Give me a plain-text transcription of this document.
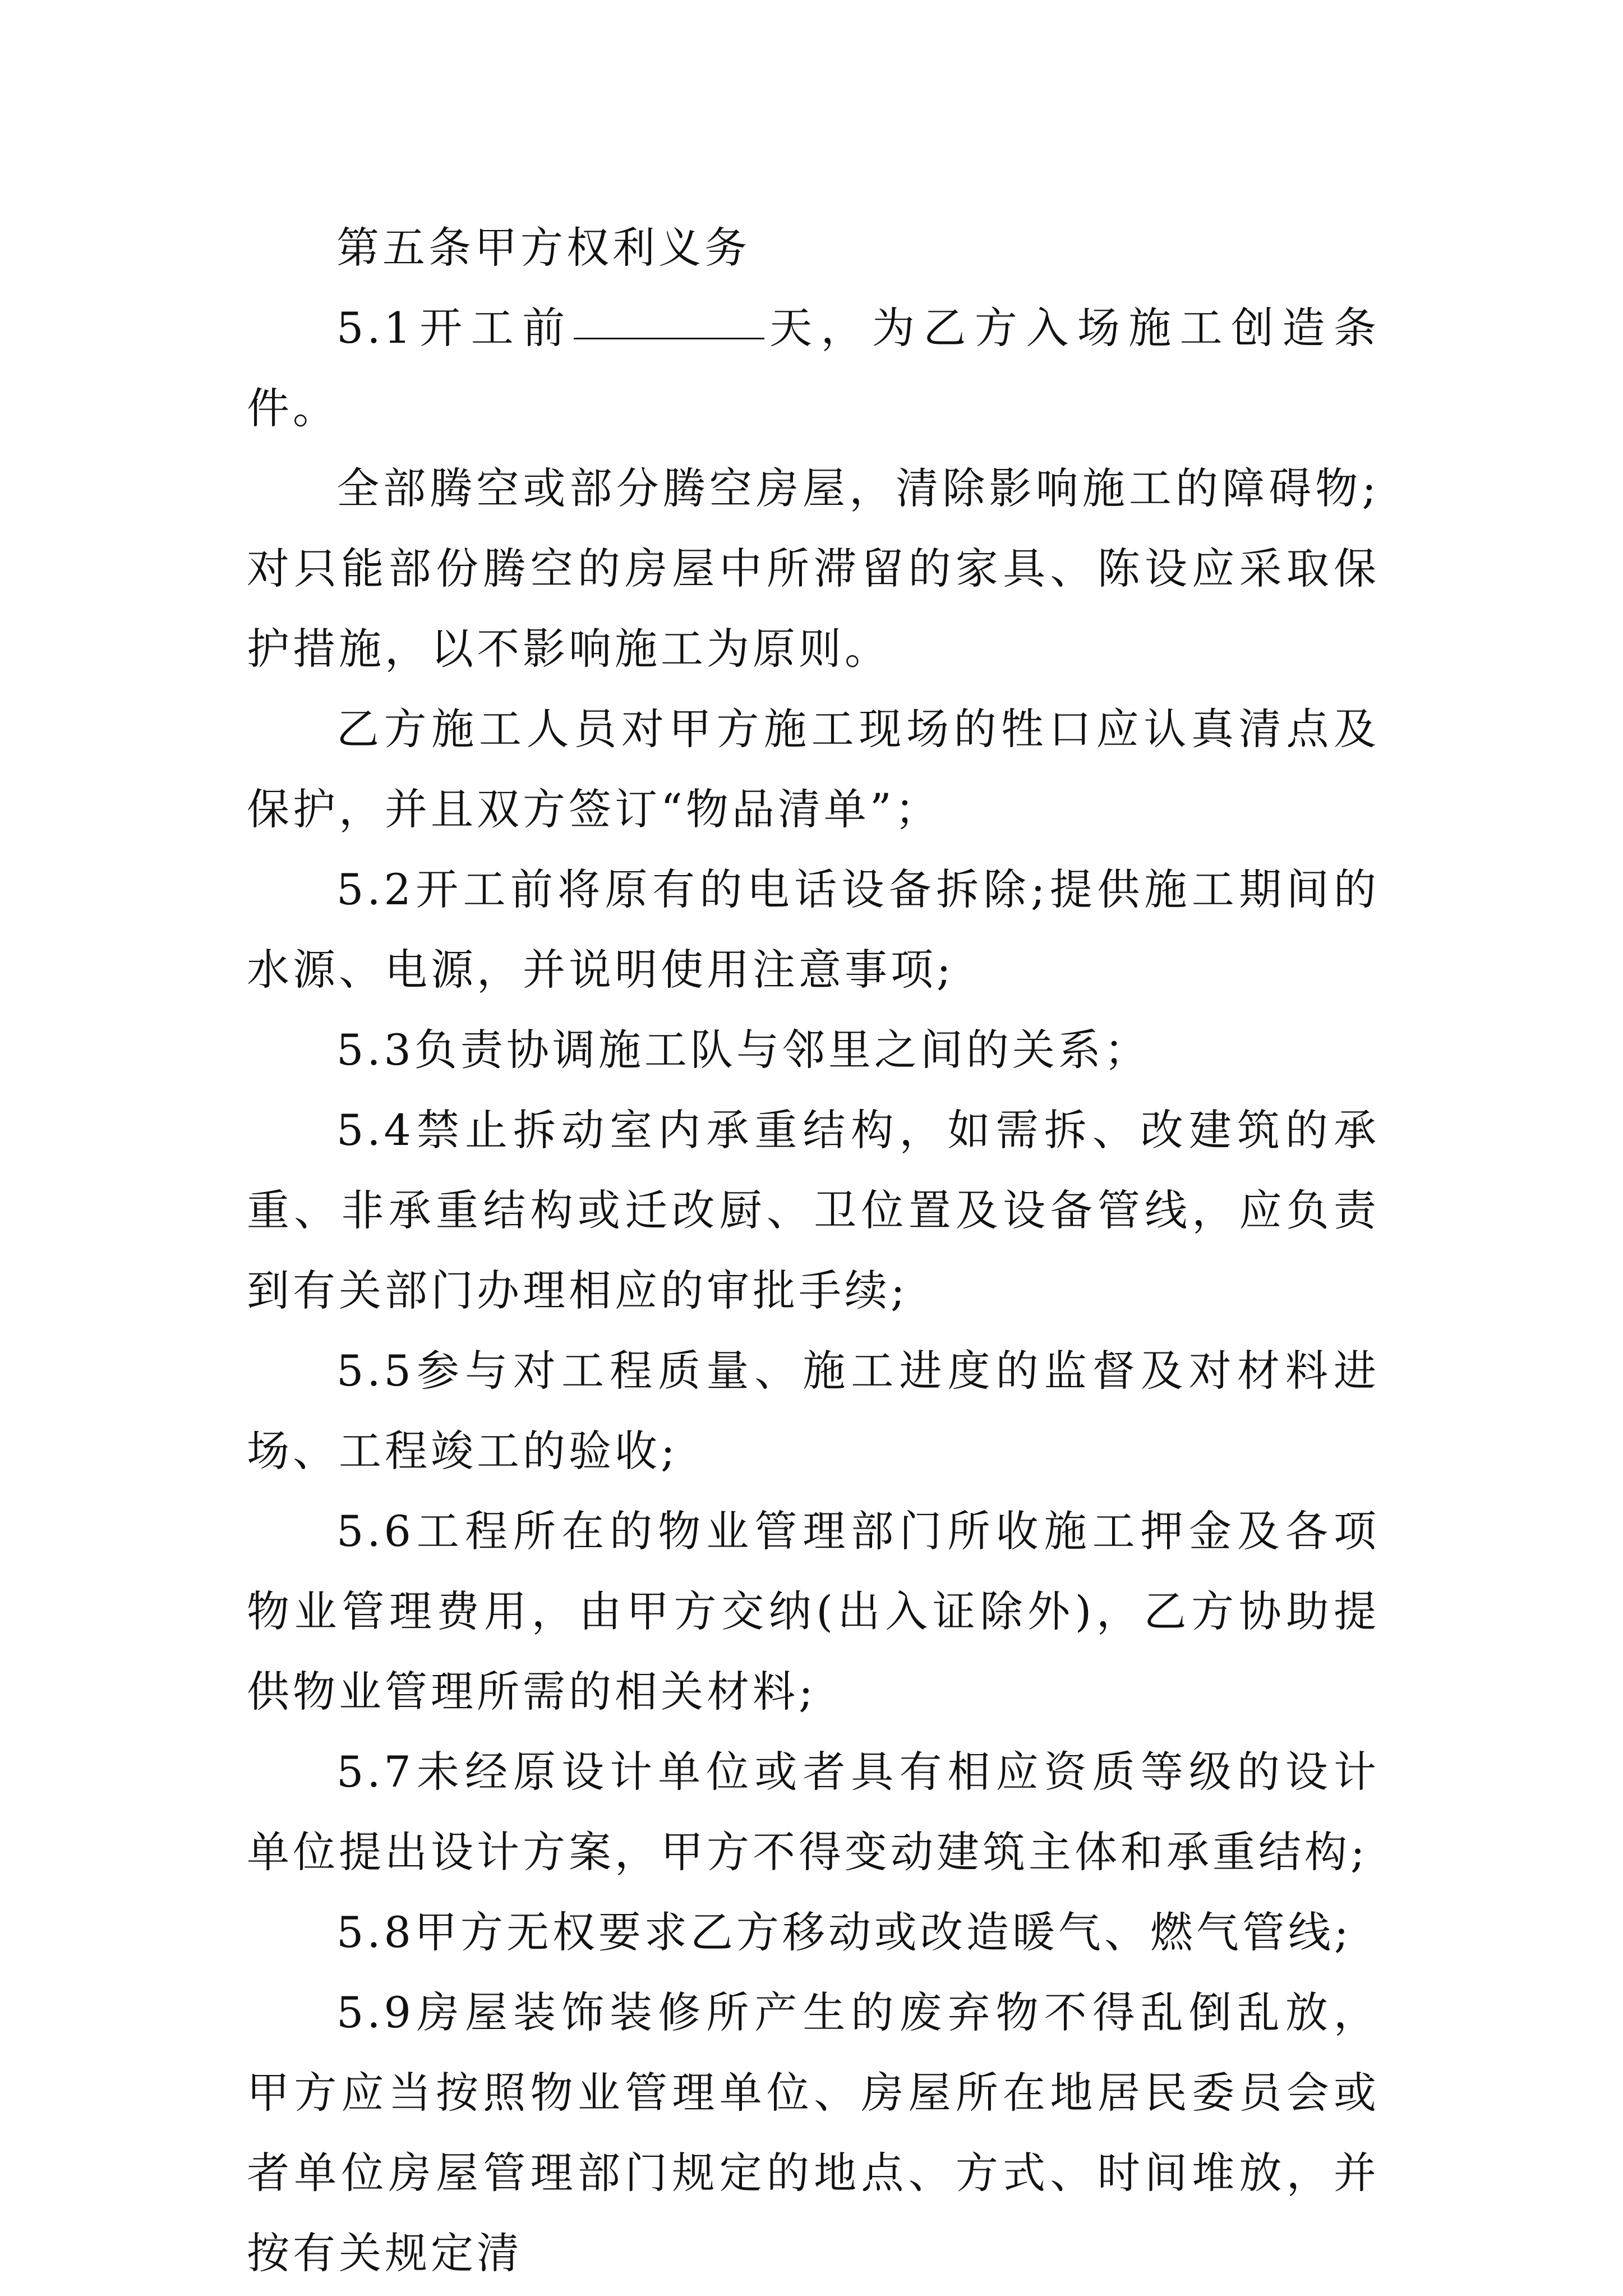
第五条甲方权利义务

5.1开工前	天，为乙方入场施工创造条件。

全部腾空或部分腾空房屋，清除影响施工的障碍物;对只能部份腾空的房屋中所滞留的家具、陈设应采取保护措施，以不影响施工为原则。

乙方施工人员对甲方施工现场的牲口应认真清点及保护，并且双方签订“物品清单”；

5.2开工前将原有的电话设备拆除;提供施工期间的水源、电源，并说明使用注意事项;

5.3负责协调施工队与邻里之间的关系；

5.4禁止拆动室内承重结构，如需拆、改建筑的承重、非承重结构或迁改厨、卫位置及设备管线，应负责到有关部门办理相应的审批手续;

5.5参与对工程质量、施工进度的监督及对材料进场、工程竣工的验收;

5.6工程所在的物业管理部门所收施工押金及各项物业管理费用，由甲方交纳(出入证除外)，乙方协助提供物业管理所需的相关材料;

5.7未经原设计单位或者具有相应资质等级的设计单位提出设计方案，甲方不得变动建筑主体和承重结构;

5.8甲方无权要求乙方移动或改造暖气、燃气管线;

5.9房屋装饰装修所产生的废弃物不得乱倒乱放，甲方应当按照物业管理单位、房屋所在地居民委员会或者单位房屋管理部门规定的地点、方式、时间堆放，并按有关规定清
